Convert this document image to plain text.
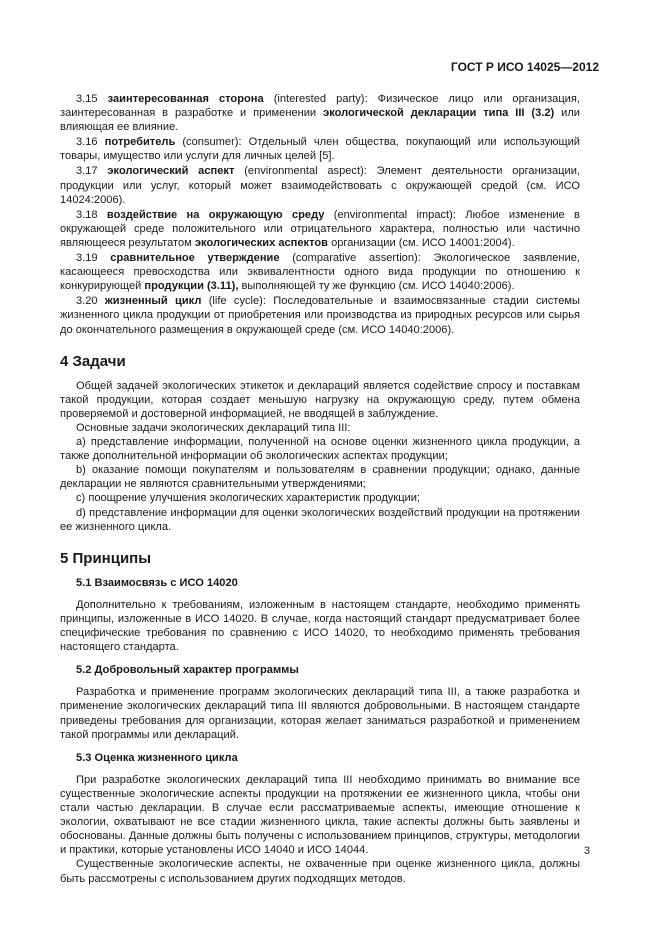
ГОСТ Р ИСО 14025—2012
3.15 заинтересованная сторона (interested party): Физическое лицо или организация, заинтересованная в разработке и применении экологической декларации типа III (3.2) или влияющая ее влияние.
3.16 потребитель (consumer): Отдельный член общества, покупающий или использующий товары, имущество или услуги для личных целей [5].
3.17 экологический аспект (environmental aspect): Элемент деятельности организации, продукции или услуг, который может взаимодействовать с окружающей средой (см. ИСО 14024:2006).
3.18 воздействие на окружающую среду (environmental impact): Любое изменение в окружающей среде положительного или отрицательного характера, полностью или частично являющееся результатом экологических аспектов организации (см. ИСО 14001:2004).
3.19 сравнительное утверждение (comparative assertion): Экологическое заявление, касающееся превосходства или эквивалентности одного вида продукции по отношению к конкурирующей продукции (3.11), выполняющей ту же функцию (см. ИСО 14040:2006).
3.20 жизненный цикл (life cycle): Последовательные и взаимосвязанные стадии системы жизненного цикла продукции от приобретения или производства из природных ресурсов или сырья до окончательного размещения в окружающей среде (см. ИСО 14040:2006).
4 Задачи

Общей задачей экологических этикеток и деклараций является содействие спросу и поставкам такой продукции, которая создает меньшую нагрузку на окружающую среду, путем обмена проверяемой и достоверной информацией, не вводящей в заблуждение.

Основные задачи экологических деклараций типа III:

а) представление информации, полученной на основе оценки жизненного цикла продукции, а также дополнительной информации об экологических аспектах продукции;

b) оказание помощи покупателям и пользователям в сравнении продукции; однако, данные декларации не являются сравнительными утверждениями;

с) поощрение улучшения экологических характеристик продукции;

d) представление информации для оценки экологических воздействий продукции на протяжении ее жизненного цикла.

5 Принципы
5.1 Взаимосвязь с ИСО 14020

Дополнительно к требованиям, изложенным в настоящем стандарте, необходимо применять принципы, изложенные в ИСО 14020. В случае, когда настоящий стандарт предусматривает более специфические требования по сравнению с ИСО 14020, то необходимо применять требования настоящего стандарта.

5.2 Добровольный характер программы

Разработка и применение программ экологических деклараций типа III, а также разработка и применение экологических деклараций типа III являются добровольными. В настоящем стандарте приведены требования для организации, которая желает заниматься разработкой и применением такой программы или деклараций.

5.3 Оценка жизненного цикла

При разработке экологических деклараций типа III необходимо принимать во внимание все существенные экологические аспекты продукции на протяжении ее жизненного цикла, чтобы они стали частью декларации. В случае если рассматриваемые аспекты, имеющие отношение к экологии, охватывают не все стадии жизненного цикла, такие аспекты должны быть заявлены и обоснованы. Данные должны быть получены с использованием принципов, структуры, методологии и практики, которые установлены ИСО 14040 и ИСО 14044.

Существенные экологические аспекты, не охваченные при оценке жизненного цикла, должны быть рассмотрены с использованием других подходящих методов.

3
